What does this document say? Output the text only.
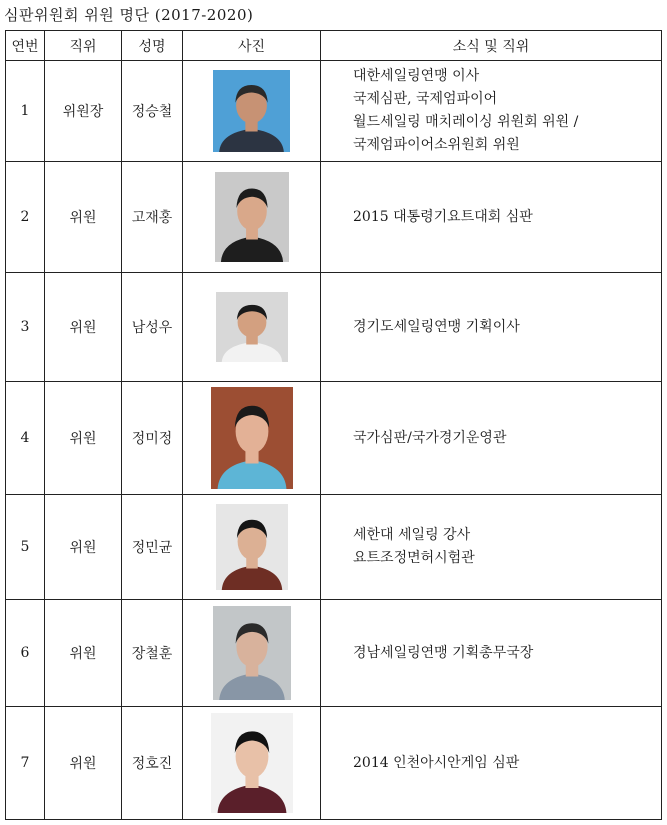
심판위원회 위원 명단 (2017-2020)
연번	직위	성명	사진	소식 및 직위
1	위원장	정승철		대한세일링연맹 이사
국제심판, 국제엄파이어
월드세일링 매치레이싱 위원회 위원 /
국제엄파이어소위원회 위원

2	위원	고재홍		2015 대통령기요트대회 심판

3	위원	남성우		경기도세일링연맹 기획이사

4	위원	정미정		국가심판/국가경기운영관

5	위원	정민균		세한대 세일링 강사
요트조정면허시험관

6	위원	장철훈		경남세일링연맹 기획총무국장

7	위원	정호진		2014 인천아시안게임 심판
